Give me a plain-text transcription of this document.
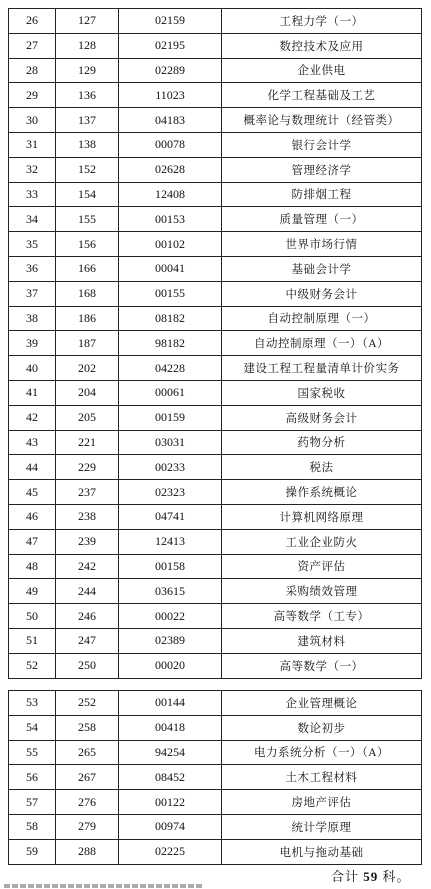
26	127	02159	工程力学（一）
27	128	02195	数控技术及应用
28	129	02289	企业供电
29	136	11023	化学工程基础及工艺
30	137	04183	概率论与数理统计（经管类）
31	138	00078	银行会计学
32	152	02628	管理经济学
33	154	12408	防排烟工程
34	155	00153	质量管理（一）
35	156	00102	世界市场行情
36	166	00041	基础会计学
37	168	00155	中级财务会计
38	186	08182	自动控制原理（一）
39	187	98182	自动控制原理（一）（A）
40	202	04228	建设工程工程量清单计价实务
41	204	00061	国家税收
42	205	00159	高级财务会计
43	221	03031	药物分析
44	229	00233	税法
45	237	02323	操作系统概论
46	238	04741	计算机网络原理
47	239	12413	工业企业防火
48	242	00158	资产评估
49	244	03615	采购绩效管理
50	246	00022	高等数学（工专）
51	247	02389	建筑材料
52	250	00020	高等数学（一）
53	252	00144	企业管理概论
54	258	00418	数论初步
55	265	94254	电力系统分析（一）（A）
56	267	08452	土木工程材料
57	276	00122	房地产评估
58	279	00974	统计学原理
59	288	02225	电机与拖动基础
合计 59 科。
